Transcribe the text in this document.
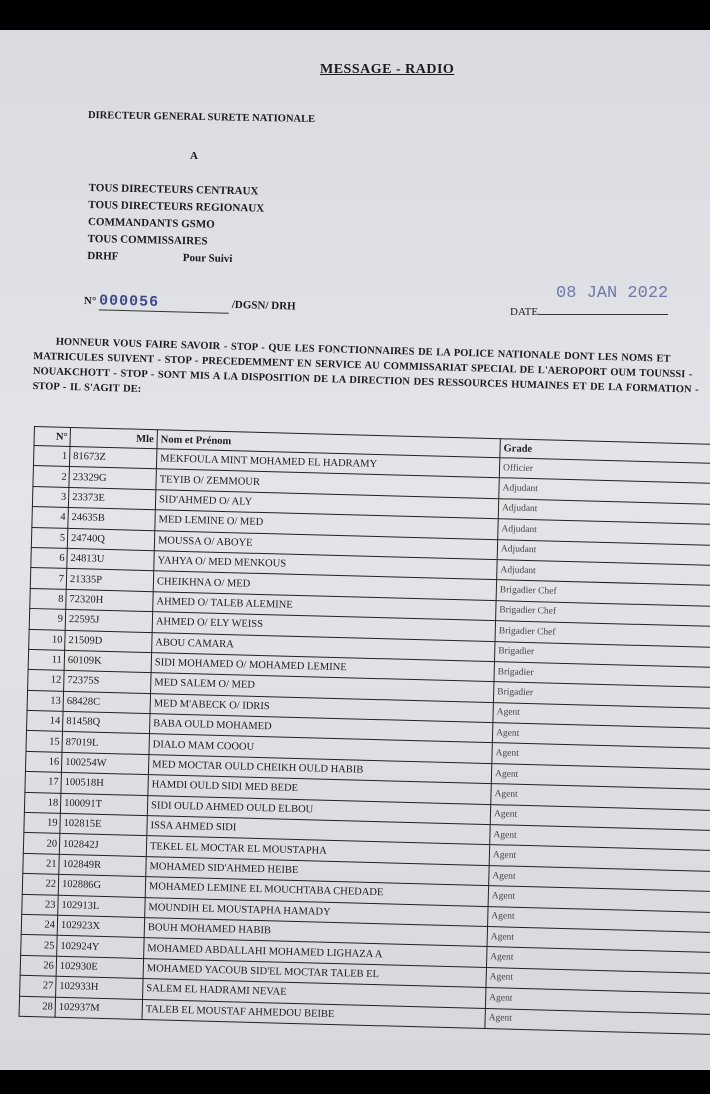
MESSAGE - RADIO
DIRECTEUR GENERAL SURETE NATIONALE
A
TOUS DIRECTEURS CENTRAUX
TOUS DIRECTEURS REGIONAUX
COMMANDANTS GSMO
TOUS COMMISSAIRES
DRHF	Pour Suivi
N° 000056	/DGSN/ DRH
08 JAN 2022
DATE
HONNEUR VOUS FAIRE SAVOIR - STOP - QUE LES FONCTIONNAIRES DE LA POLICE NATIONALE DONT LES NOMS ET MATRICULES SUIVENT - STOP - PRECEDEMMENT EN SERVICE AU COMMISSARIAT SPECIAL DE L'AEROPORT OUM TOUNSSI - NOUAKCHOTT - STOP - SONT MIS A LA DISPOSITION DE LA DIRECTION DES RESSOURCES HUMAINES ET DE LA FORMATION - STOP - IL S'AGIT DE:
N°	Mle	Nom et Prénom	Grade
1	81673Z	MEKFOULA MINT MOHAMED EL HADRAMY	Officier
2	23329G	TEYIB O/ ZEMMOUR	Adjudant
3	23373E	SID'AHMED O/ ALY	Adjudant
4	24635B	MED LEMINE O/ MED	Adjudant
5	24740Q	MOUSSA O/ ABOYE	Adjudant
6	24813U	YAHYA O/ MED MENKOUS	Adjudant
7	21335P	CHEIKHNA O/ MED	Brigadier Chef
8	72320H	AHMED O/ TALEB ALEMINE	Brigadier Chef
9	22595J	AHMED O/ ELY WEISS	Brigadier Chef
10	21509D	ABOU CAMARA	Brigadier
11	60109K	SIDI MOHAMED O/ MOHAMED LEMINE	Brigadier
12	72375S	MED SALEM O/ MED	Brigadier
13	68428C	MED M'ABECK O/ IDRIS	Agent
14	81458Q	BABA OULD MOHAMED	Agent
15	87019L	DIALO MAM COOOU	Agent
16	100254W	MED MOCTAR OULD CHEIKH OULD HABIB	Agent
17	100518H	HAMDI OULD SIDI MED BEDE	Agent
18	100091T	SIDI OULD AHMED OULD ELBOU	Agent
19	102815E	ISSA AHMED SIDI	Agent
20	102842J	TEKEL EL MOCTAR EL MOUSTAPHA	Agent
21	102849R	MOHAMED SID'AHMED HEIBE	Agent
22	102886G	MOHAMED LEMINE EL MOUCHTABA CHEDADE	Agent
23	102913L	MOUNDIH EL MOUSTAPHA HAMADY	Agent
24	102923X	BOUH MOHAMED HABIB	Agent
25	102924Y	MOHAMED ABDALLAHI MOHAMED LIGHAZA A	Agent
26	102930E	MOHAMED YACOUB SID'EL MOCTAR TALEB EL	Agent
27	102933H	SALEM EL HADRAMI NEVAE	Agent
28	102937M	TALEB EL MOUSTAF AHMEDOU BEIBE	Agent
